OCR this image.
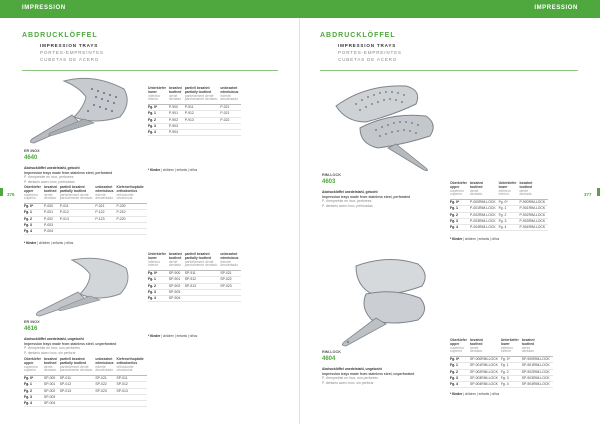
IMPRESSION	IMPRESSION
ABDRUCKLÖFFEL
IMPRESSION TRAYS
PORTES-EMPREINTES
CUBETAS DE ACERO
376
ER INOX
4640
Abdrucklöffel unedelstahl, gelocht
Impression trays made from stainless steel, perforated
P. d'empreinte en inox, perforées
P. dentario acero inox, perforadas
Unterkiefer
lower
inférieur
inferior	bezahnt
toothed
denté
dentado	partiell bezahnt
partially toothed
partiellement denté
parcialmente dentado	unbezahnt
edentulous
édenté
desdentado

Fg. 0*	P-900	P-911	P-021
Fg. 1	P-901	P-912	P-021
Fg. 2	P-902	P-913	P-022
Fg. 3	P-903		
Fg. 4	P-904		
* Kinder | children | enfants | niños
Oberkiefer
upper
supérieur
superior	bezahnt
toothed
denté
dentado	partiell bezahnt
partially toothed
partiellement denté
parcialmente dentado	unbezahnt
edentulous
édenté
desdentado	Kieferorthopädie
orthodontics
orthodontie
ortodoncia

Fg. 0*	P-000	P-011	P-021	P-200
Fg. 1	P-001	P-012	P-122	P-210
Fg. 2	P-002	P-013	P-123	P-220
Fg. 3	P-003			
Fg. 4	P-004			
* Kinder | children | enfants | niños
ER INOX
4616
Abdrucklöffel unedelstahl, ungelocht
Impression trays made from stainless steel, unperforated
P. d'empreinte en inox, non perforées
P. dentario acero inox, sin perforar
Unterkiefer
lower
inférieur
inferior	bezahnt
toothed
denté
dentado	partiell bezahnt
partially toothed
partiellement denté
parcialmente dentado	unbezahnt
edentulous
édenté
desdentado

Fg. 0*	SP-900	SP-911	SP-021
Fg. 1	SP-901	SP-912	SP-022
Fg. 2	SP-902	SP-913	SP-023
Fg. 3	SP-903		
Fg. 4	SP-904		
* Kinder | children | enfants | niños
Oberkiefer
upper
supérieur
superior	bezahnt
toothed
denté
dentado	partiell bezahnt
partially toothed
partiellement denté
parcialmente dentado	unbezahnt
edentulous
édenté
desdentado	Kieferorthopädie
orthodontics
orthodontie
ortodoncia

Fg. 0*	SP-000	SP-011	SP-021	SP-011
Fg. 1	SP-001	SP-012	SP-022	SP-012
Fg. 2	SP-002	SP-013	SP-023	SP-013
Fg. 3	SP-003			
Fg. 4	SP-004			
ABDRUCKLÖFFEL
IMPRESSION TRAYS
PORTES-EMPREINTES
CUBETAS DE ACERO
377
RIM-LOCK
4603
Abdrucklöffel unedelstahl, gelocht
Impression trays made from stainless steel, perforated
P. d'empreinte en inox, perforées
P. dentario acero inox, perforadas
Oberkiefer
upper
supérieur
superior	bezahnt
toothed
denté
dentado	Unterkiefer
lower
inférieur
inferior	bezahnt
toothed
denté
dentado

Fg. 0*	P-000RIM-LOCK	Fg. 0*	P-900RIM-LOCK
Fg. 1	P-001RIM-LOCK	Fg. 1	P-901RIM-LOCK
Fg. 2	P-002RIM-LOCK	Fg. 2	P-902RIM-LOCK
Fg. 3	P-003RIM-LOCK	Fg. 3	P-903RIM-LOCK
Fg. 4	P-004RIM-LOCK	Fg. 4	P-904RIM-LOCK
* Kinder | children | enfants | niños
RIM-LOCK
4604
Abdrucklöffel unedelstahl, ungelocht
Impression trays made from stainless steel, unperforated
P. d'empreinte en inox, non perforées
P. dentario acero inox, sin perforar
Oberkiefer
upper
supérieur
superior	bezahnt
toothed
denté
dentado	Unterkiefer
lower
inférieur
inferior	bezahnt
toothed
denté
dentado

Fg. 0*	SP-000RIM-LOCK	Fg. 0*	SP-900RIM-LOCK
Fg. 1	SP-001RIM-LOCK	Fg. 1	SP-901RIM-LOCK
Fg. 2	SP-002RIM-LOCK	Fg. 2	SP-902RIM-LOCK
Fg. 3	SP-003RIM-LOCK	Fg. 3	SP-903RIM-LOCK
Fg. 4	SP-004RIM-LOCK	Fg. 4	SP-904RIM-LOCK
* Kinder | children | enfants | niños
